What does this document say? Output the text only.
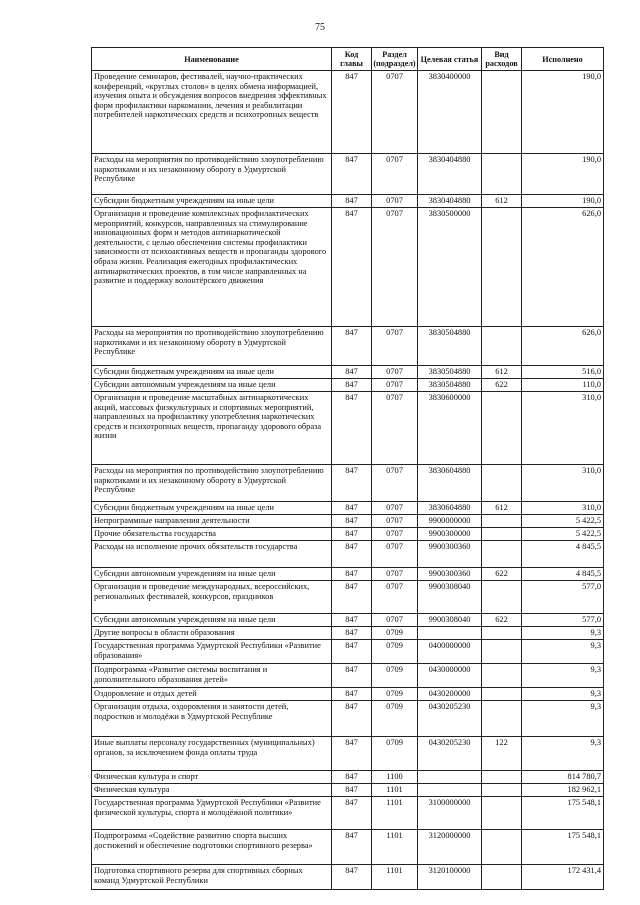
75
Наименование	Код главы	Раздел (подраздел)	Целевая статья	Вид расходов	Исполнено
Проведение семинаров, фестивалей, научно-практических конференций, «круглых столов» в целях обмена информацией, изучения опыта и обсуждения вопросов внедрения эффективных форм профилактики наркомании, лечения и реабилитации потребителей наркотических средств и психотропных веществ	847	0707	3830400000		190,0
Расходы на мероприятия по противодействию злоупотреблению наркотиками и их незаконному обороту в Удмуртской Республике	847	0707	3830404880		190,0
Субсидии бюджетным учреждениям на иные цели	847	0707	3830404880	612	190,0
Организация и проведение комплексных профилактических мероприятий, конкурсов, направленных на стимулирование инновационных форм и методов антинаркотической деятельности, с целью обеспечения системы профилактики зависимости от психоактивных веществ и пропаганды здорового образа жизни. Реализация ежегодных профилактических антинаркотических проектов, в том числе направленных на развитие и поддержку волонтёрского движения	847	0707	3830500000		626,0
Расходы на мероприятия по противодействию злоупотреблению наркотиками и их незаконному обороту в Удмуртской Республике	847	0707	3830504880		626,0
Субсидии бюджетным учреждениям на иные цели	847	0707	3830504880	612	516,0
Субсидии автономным учреждениям на иные цели	847	0707	3830504880	622	110,0
Организация и проведение масштабных антинаркотических акций, массовых физкультурных и спортивных мероприятий, направленных на профилактику употребления наркотических средств и психотропных веществ, пропаганду здорового образа жизни	847	0707	3830600000		310,0
Расходы на мероприятия по противодействию злоупотреблению наркотиками и их незаконному обороту в Удмуртской Республике	847	0707	3830604880		310,0
Субсидии бюджетным учреждениям на иные цели	847	0707	3830604880	612	310,0
Непрограммные направления деятельности	847	0707	9900000000		5 422,5
Прочие обязательства государства	847	0707	9900300000		5 422,5
Расходы на исполнение прочих обязательств государства	847	0707	9900300360		4 845,5
Субсидии автономным учреждениям на иные цели	847	0707	9900300360	622	4 845,5
Организация и проведение международных, всероссийских, региональных фестивалей, конкурсов, праздников	847	0707	9900308040		577,0
Субсидии автономным учреждениям на иные цели	847	0707	9900308040	622	577,0
Другие вопросы в области образования	847	0709			9,3
Государственная программа Удмуртской Республики «Развитие образования»	847	0709	0400000000		9,3
Подпрограмма «Развитие системы воспитания и дополнительного образования детей»	847	0709	0430000000		9,3
Оздоровление и отдых детей	847	0709	0430200000		9,3
Организация отдыха, оздоровления и занятости детей, подростков и молодёжи в Удмуртской Республике	847	0709	0430205230		9,3
Иные выплаты персоналу государственных (муниципальных) органов, за исключением фонда оплаты труда	847	0709	0430205230	122	9,3
Физическая культура и спорт	847	1100			814 780,7
Физическая культура	847	1101			182 962,1
Государственная программа Удмуртской Республики «Развитие физической культуры, спорта и молодёжной политики»	847	1101	3100000000		175 548,1
Подпрограмма «Содействие развитию спорта высших достижений и обеспечение подготовки спортивного резерва»	847	1101	3120000000		175 548,1
Подготовка спортивного резерва для спортивных сборных команд Удмуртской Республики	847	1101	3120100000		172 431,4
